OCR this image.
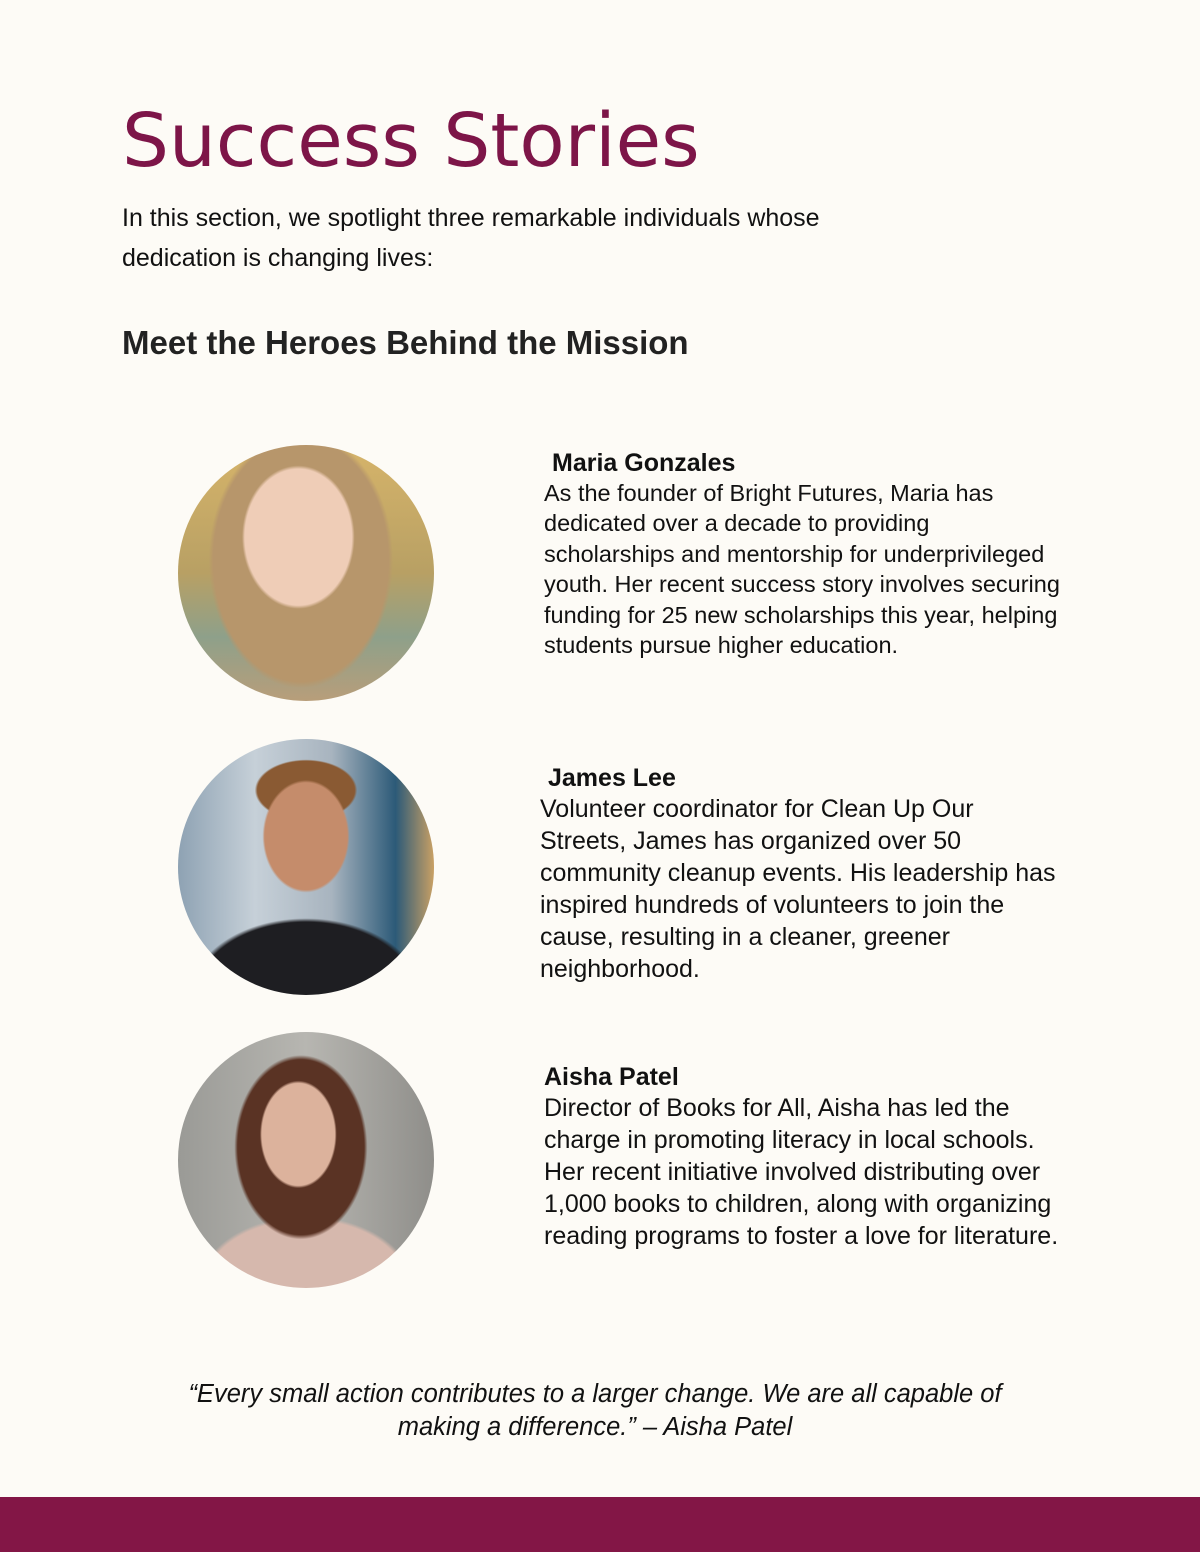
Success Stories

In this section, we spotlight three remarkable individuals whose dedication is changing lives:

Meet the Heroes Behind the Mission

Maria Gonzales

As the founder of Bright Futures, Maria has dedicated over a decade to providing scholarships and mentorship for underprivileged youth. Her recent success story involves securing funding for 25 new scholarships this year, helping students pursue higher education.

James Lee

Volunteer coordinator for Clean Up Our Streets, James has organized over 50 community cleanup events. His leadership has inspired hundreds of volunteers to join the cause, resulting in a cleaner, greener neighborhood.

Aisha Patel

Director of Books for All, Aisha has led the charge in promoting literacy in local schools. Her recent initiative involved distributing over 1,000 books to children, along with organizing reading programs to foster a love for literature.

“Every small action contributes to a larger change. We are all capable of making a difference.” – Aisha Patel
